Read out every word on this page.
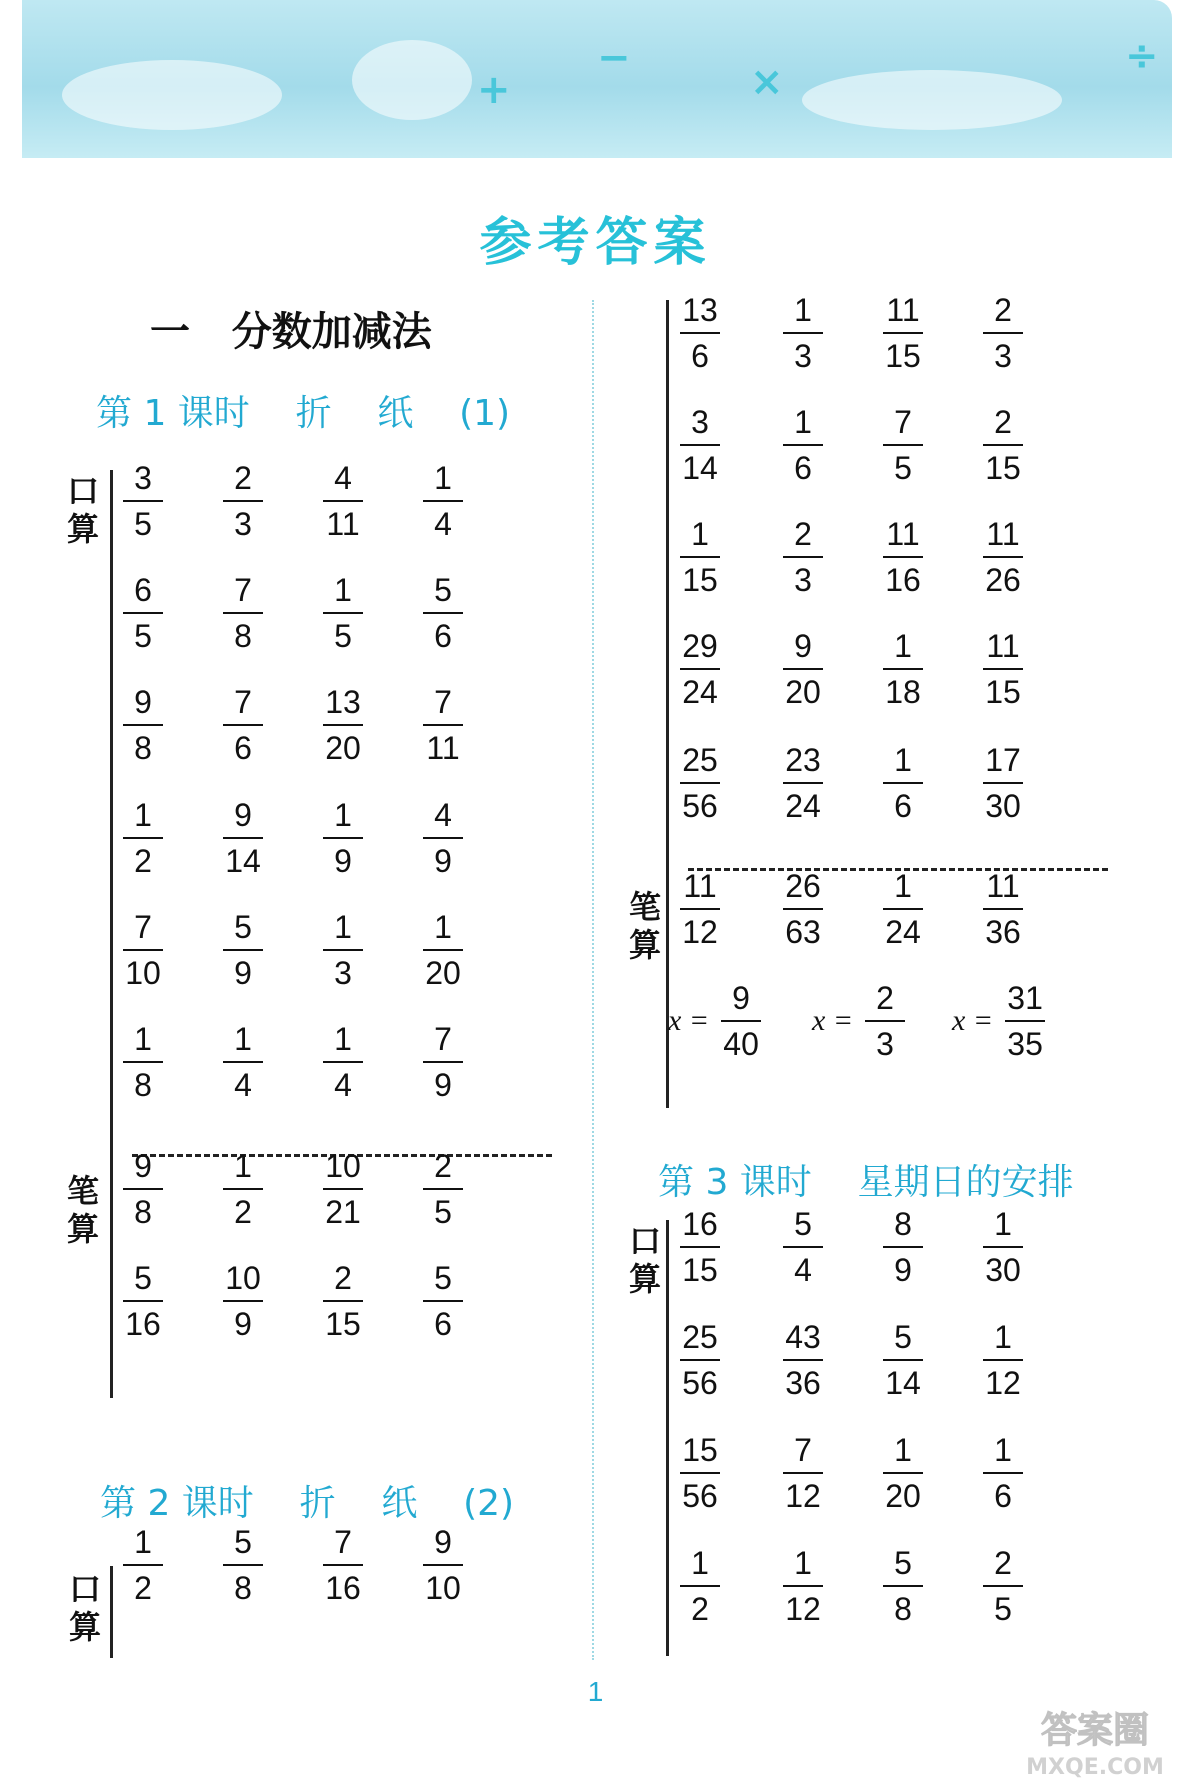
+
−
×
÷
参考答案
一   分数加减法
第 1 课时    折    纸    (1)
口算
笔算
3
5
2
3
4
11
1
4
6
5
7
8
1
5
5
6
9
8
7
6
13
20
7
11
1
2
9
14
1
9
4
9
7
10
5
9
1
3
1
20
1
8
1
4
1
4
7
9
9
8
1
2
10
21
2
5
5
16
10
9
2
15
5
6
第 2 课时    折    纸    (2)
口算
笔算
1
2
5
8
7
16
9
10
13
6
1
3
11
15
2
3
3
14
1
6
7
5
2
15
1
15
2
3
11
16
11
26
29
24
9
20
1
18
11
15
25
56
23
24
1
6
17
30
11
12
26
63
1
24
11
36
$x = \frac{9}{40}$ $x = \frac{2}{3}$ $x = \frac{31}{35}$
第 3 课时    星期日的安排
口算
16
15
5
4
8
9
1
30
25
56
43
36
5
14
1
12
15
56
7
12
1
20
1
6
1
2
1
12
5
8
2
5
1
答案圈
MXQE.COM
